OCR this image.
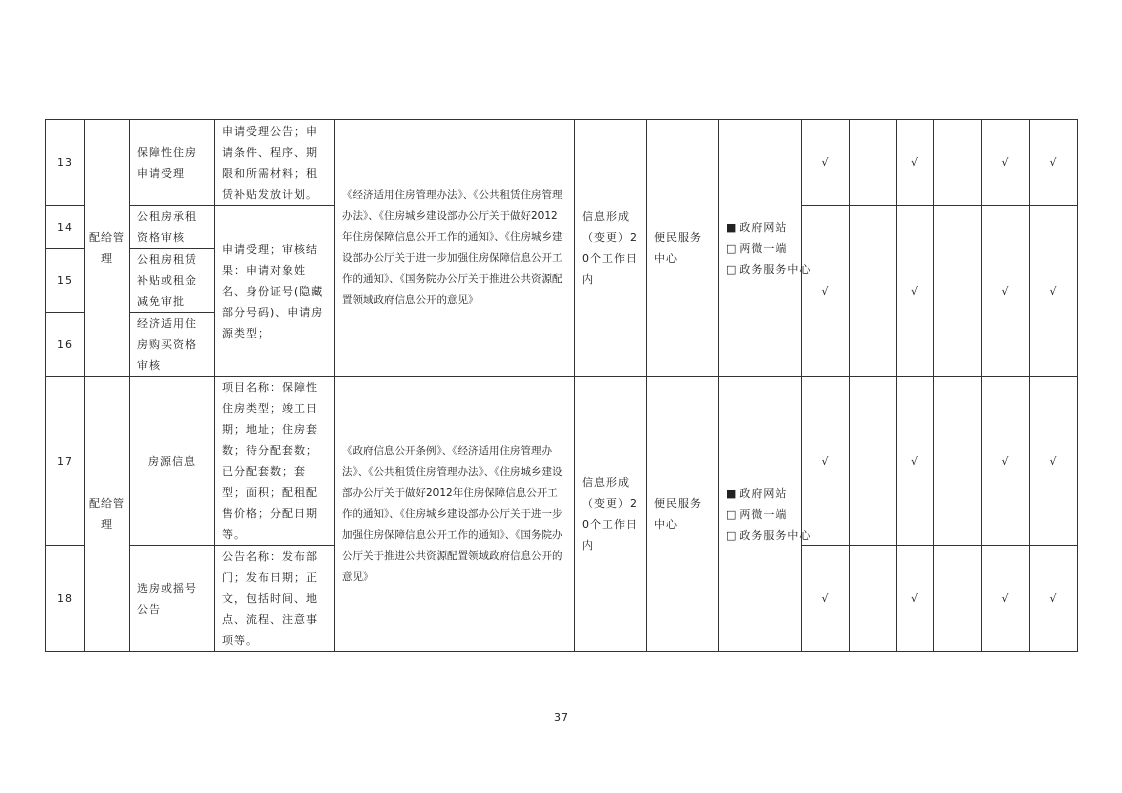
13	配给管理	保障性住房申请受理	申请受理公告；申请条件、程序、期限和所需材料；租赁补贴发放计划。	《经济适用住房管理办法》、《公共租赁住房管理办法》、《住房城乡建设部办公厅关于做好2012年住房保障信息公开工作的通知》、《住房城乡建设部办公厅关于进一步加强住房保障信息公开工作的通知》、《国务院办公厅关于推进公共资源配置领域政府信息公开的意见》	信息形成（变更）20个工作日内	便民服务中心	■ 政府网站
□ 两微一端
□ 政务服务中心	√		√		√	√
14		公租房承租资格审核	申请受理；审核结果：申请对象姓名、身份证号(隐藏部分号码)、申请房源类型；					√		√		√	√
15		公租房租赁补贴或租金减免审批											
16		经济适用住房购买资格审核											
17	配给管理	房源信息	项目名称：保障性住房类型；竣工日期；地址；住房套数；待分配套数；已分配套数；套型；面积；配租配售价格；分配日期等。	《政府信息公开条例》、《经济适用住房管理办法》、《公共租赁住房管理办法》、《住房城乡建设部办公厅关于做好2012年住房保障信息公开工作的通知》、《住房城乡建设部办公厅关于进一步加强住房保障信息公开工作的通知》、《国务院办公厅关于推进公共资源配置领域政府信息公开的意见》	信息形成（变更）20个工作日内	便民服务中心	■ 政府网站
□ 两微一端
□ 政务服务中心	√		√		√	√
18		选房或摇号公告	公告名称：发布部门；发布日期；正文，包括时间、地点、流程、注意事项等。					√		√		√	√
37
